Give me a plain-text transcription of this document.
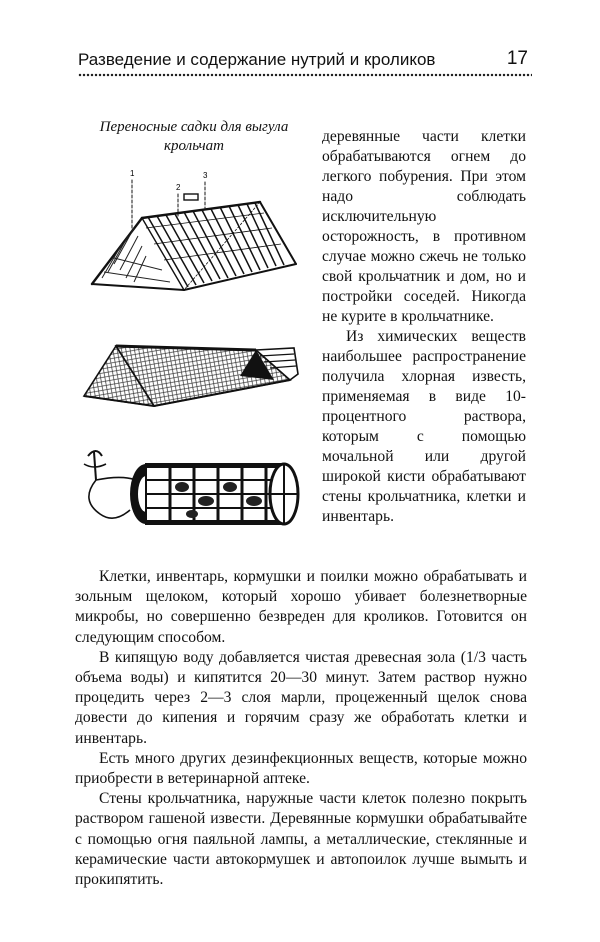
Разведение и содержание нутрий и кроликов	17
Переносные садки для выгула крольчат
1
2
3

деревянные части клетки обрабатываются огнем до легкого побурения. При этом надо соблюдать исключительную осторожность, в противном случае можно сжечь не только свой крольчатник и дом, но и постройки соседей. Никогда не курите в крольчатнике.

Из химических веществ наибольшее распространение получила хлорная известь, применяемая в виде 10-процентного раствора, которым с помощью мочальной или другой широкой кисти обрабатывают стены крольчатника, клетки и инвентарь.

Клетки, инвентарь, кормушки и поилки можно обрабатывать и зольным щелоком, который хорошо убивает болезнетворные микробы, но совершенно безвреден для кроликов. Готовится он следующим способом.

В кипящую воду добавляется чистая древесная зола (1/3 часть объема воды) и кипятится 20—30 минут. Затем раствор нужно процедить через 2—3 слоя марли, процеженный щелок снова довести до кипения и горячим сразу же обработать клетки и инвентарь.

Есть много других дезинфекционных веществ, которые можно приобрести в ветеринарной аптеке.

Стены крольчатника, наружные части клеток полезно покрыть раствором гашеной извести. Деревянные кормушки обрабатывайте с помощью огня паяльной лампы, а металлические, стеклянные и керамические части автокормушек и автопоилок лучше вымыть и прокипятить.
